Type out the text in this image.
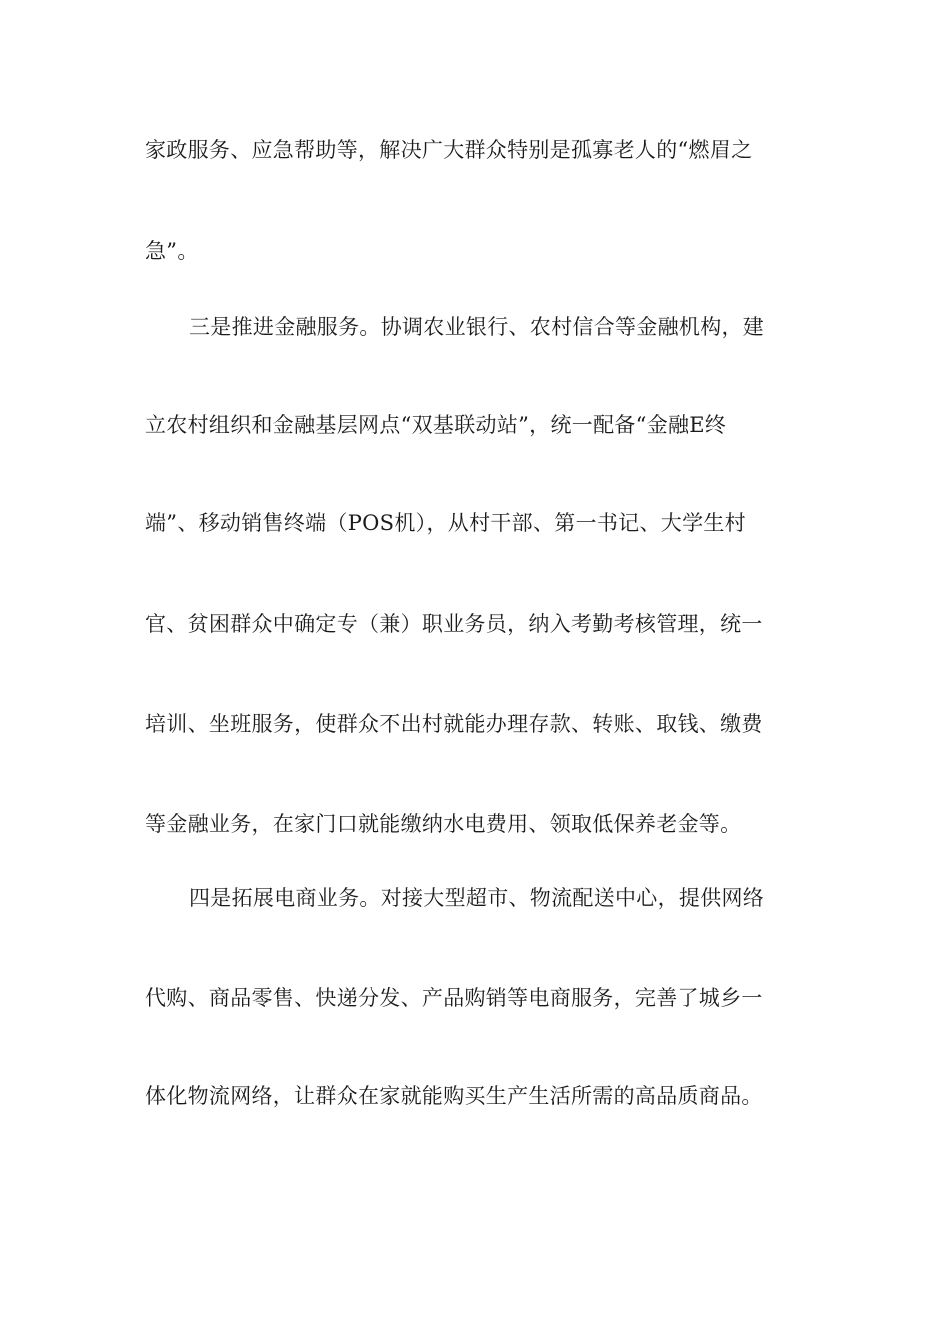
家政服务、应急帮助等，解决广大群众特别是孤寡老人的“燃眉之
急”。
三是推进金融服务。协调农业银行、农村信合等金融机构，建
立农村组织和金融基层网点“双基联动站”，统一配备“金融E终
端”、移动销售终端（POS机），从村干部、第一书记、大学生村
官、贫困群众中确定专（兼）职业务员，纳入考勤考核管理，统一
培训、坐班服务，使群众不出村就能办理存款、转账、取钱、缴费
等金融业务，在家门口就能缴纳水电费用、领取低保养老金等。
四是拓展电商业务。对接大型超市、物流配送中心，提供网络
代购、商品零售、快递分发、产品购销等电商服务，完善了城乡一
体化物流网络，让群众在家就能购买生产生活所需的高品质商品。
